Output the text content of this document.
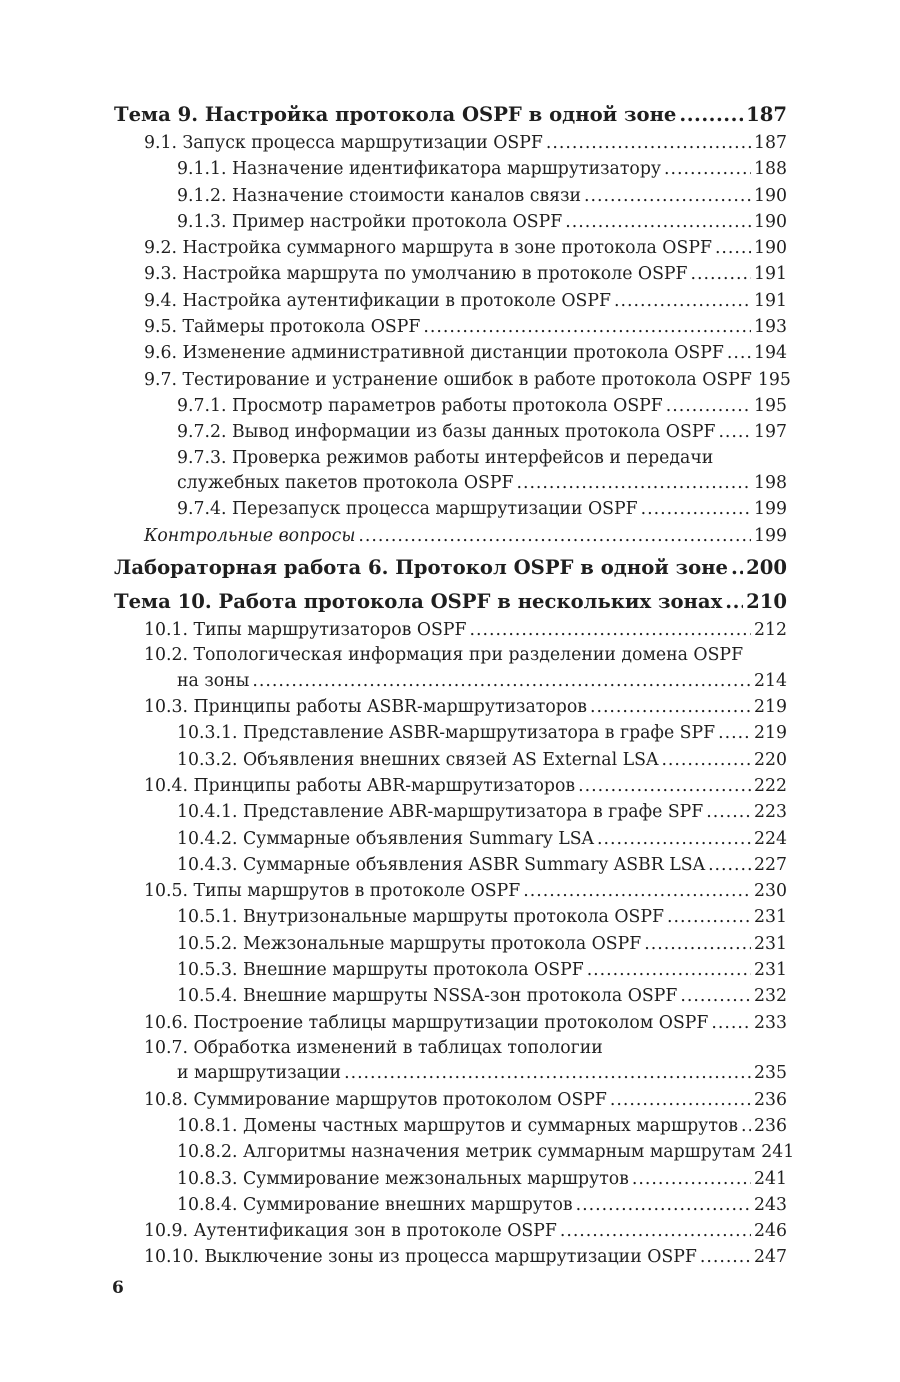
Тема 9. Настройка протокола OSPF в одной зоне .....	187
9.1. Запуск процесса маршрутизации OSPF .....	187
9.1.1. Назначение идентификатора маршрутизатору .....	188
9.1.2. Назначение стоимости каналов связи .....	190
9.1.3. Пример настройки протокола OSPF .....	190
9.2. Настройка суммарного маршрута в зоне протокола OSPF ..... 190
9.3. Настройка маршрута по умолчанию в протоколе OSPF .....	191
9.4. Настройка аутентификации в протоколе OSPF .....	191
9.5. Таймеры протокола OSPF .....	193
9.6. Изменение административной дистанции протокола OSPF ..... 194
9.7. Тестирование и устранение ошибок в работе протокола OSPF 195
9.7.1. Просмотр параметров работы протокола OSPF .....	195
9.7.2. Вывод информации из базы данных протокола OSPF ..... 197
9.7.3. Проверка режимов работы интерфейсов и передачи
служебных пакетов протокола OSPF .....	198
9.7.4. Перезапуск процесса маршрутизации OSPF .....	199
Контрольные вопросы .....	199
Лабораторная работа 6. Протокол OSPF в одной зоне ..... 200
Тема 10. Работа протокола OSPF в нескольких зонах ..... 210
10.1. Типы маршрутизаторов OSPF .....	212
10.2. Топологическая информация при разделении домена OSPF
на зоны .....	214
10.3. Принципы работы ASBR-маршрутизаторов .....	219
10.3.1. Представление ASBR-маршрутизатора в графе SPF ..... 219
10.3.2. Объявления внешних связей AS External LSA .....	220
10.4. Принципы работы ABR-маршрутизаторов .....	222
10.4.1. Представление ABR-маршрутизатора в графе SPF .....	223
10.4.2. Суммарные объявления Summary LSA .....	224
10.4.3. Суммарные объявления ASBR Summary ASBR LSA .....	227
10.5. Типы маршрутов в протоколе OSPF .....	230
10.5.1. Внутризональные маршруты протокола OSPF .....	231
10.5.2. Межзональные маршруты протокола OSPF .....	231
10.5.3. Внешние маршруты протокола OSPF .....	231
10.5.4. Внешние маршруты NSSA-зон протокола OSPF .....	232
10.6. Построение таблицы маршрутизации протоколом OSPF .....	233
10.7. Обработка изменений в таблицах топологии
и маршрутизации .....	235
10.8. Суммирование маршрутов протоколом OSPF .....	236
10.8.1. Домены частных маршрутов и суммарных маршрутов ..... 236
10.8.2. Алгоритмы назначения метрик суммарным маршрутам 241
10.8.3. Суммирование межзональных маршрутов .....	241
10.8.4. Суммирование внешних маршрутов .....	243
10.9. Аутентификация зон в протоколе OSPF .....	246
10.10. Выключение зоны из процесса маршрутизации OSPF .....	247
6
